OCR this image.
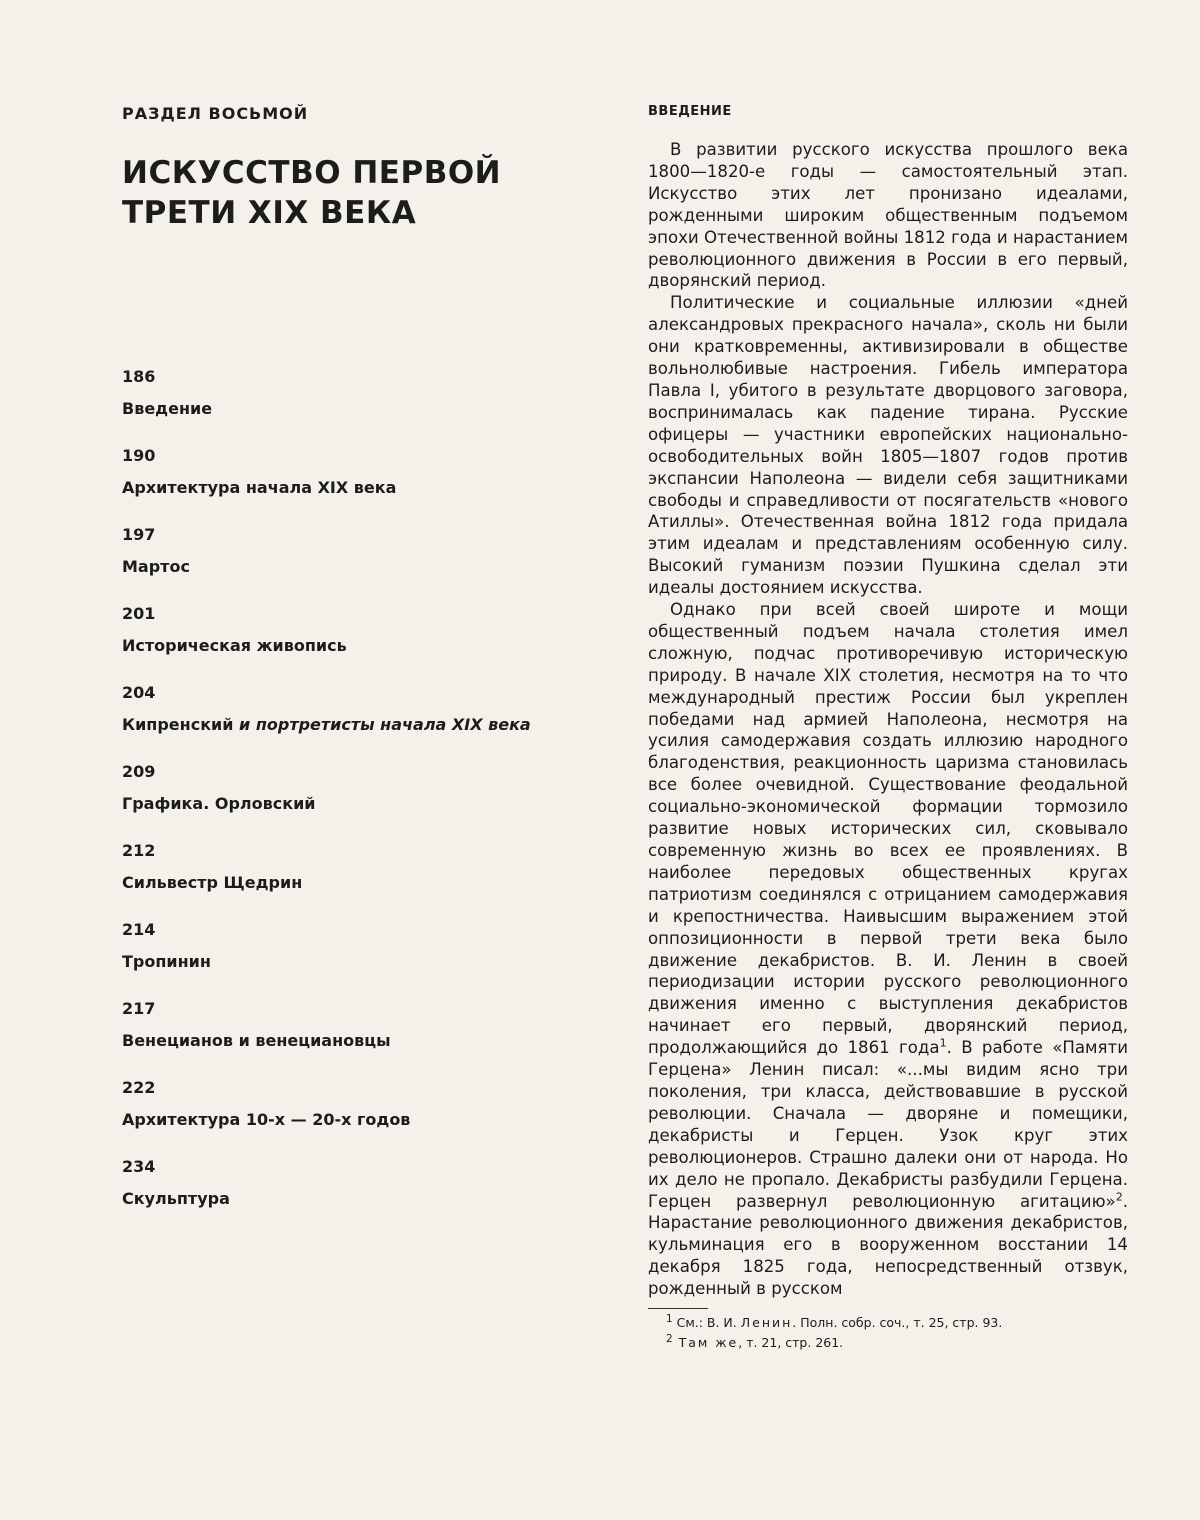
РАЗДЕЛ ВОСЬМОЙ
ИСКУССТВО ПЕРВОЙ
ТРЕТИ XIX ВЕКА
186
Введение
190
Архитектура начала XIX века
197
Мартос
201
Историческая живопись
204
Кипренский и портретисты начала XIX века
209
Графика. Орловский
212
Сильвестр Щедрин
214
Тропинин
217
Венецианов и венециановцы
222
Архитектура 10-х — 20-х годов
234
Скульптура
ВВЕДЕНИЕ

В развитии русского искусства прошлого века 1800—1820-е годы — самостоятельный этап. Искусство этих лет пронизано идеалами, рожденными широким общественным подъемом эпохи Отечественной войны 1812 года и нарастанием революционного движения в России в его первый, дворянский период.

Политические и социальные иллюзии «дней александровых прекрасного начала», сколь ни были они кратковременны, активизировали в обществе вольнолюбивые настроения. Гибель императора Павла I, убитого в результате дворцового заговора, воспринималась как падение тирана. Русские офицеры — участники европейских национально-освободительных войн 1805—1807 годов против экспансии Наполеона — видели себя защитниками свободы и справедливости от посягательств «нового Атиллы». Отечественная война 1812 года придала этим идеалам и представлениям особенную силу. Высокий гуманизм поэзии Пушкина сделал эти идеалы достоянием искусства.

Однако при всей своей широте и мощи общественный подъем начала столетия имел сложную, подчас противоречивую историческую природу. В начале XIX столетия, несмотря на то что международный престиж России был укреплен победами над армией Наполеона, несмотря на усилия самодержавия создать иллюзию народного благоденствия, реакционность царизма становилась все более очевидной. Существование феодальной социально-экономической формации тормозило развитие новых исторических сил, сковывало современную жизнь во всех ее проявлениях. В наиболее передовых общественных кругах патриотизм соединялся с отрицанием самодержавия и крепостничества. Наивысшим выражением этой оппозиционности в первой трети века было движение декабристов. В. И. Ленин в своей периодизации истории русского революционного движения именно с выступления декабристов начинает его первый, дворянский период, продолжающийся до 1861 года$^1$. В работе «Памяти Герцена» Ленин писал: «...мы видим ясно три поколения, три класса, действовавшие в русской революции. Сначала — дворяне и помещики, декабристы и Герцен. Узок круг этих революционеров. Страшно далеки они от народа. Но их дело не пропало. Декабристы разбудили Герцена. Герцен развернул революционную агитацию»$^2$. Нарастание революционного движения декабристов, кульминация его в вооруженном восстании 14 декабря 1825 года, непосредственный отзвук, рожденный в русском

$^1$ См.: В. И. Ленин. Полн. собр. соч., т. 25, стр. 93.
$^2$ Там же, т. 21, стр. 261.
